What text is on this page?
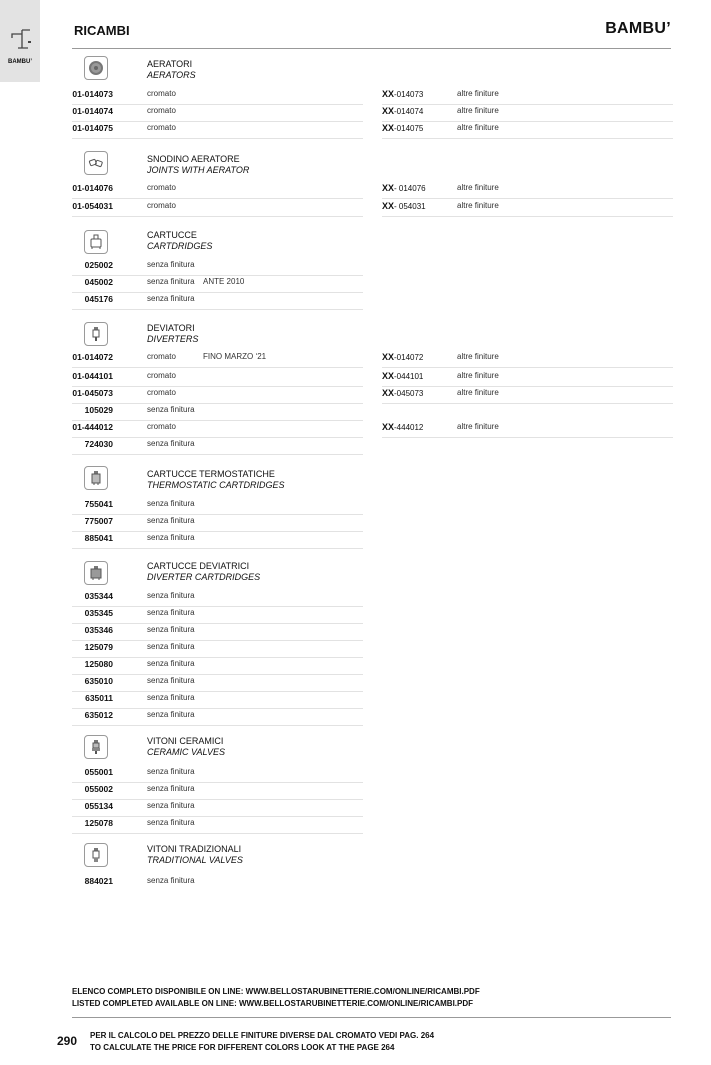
BAMBU’
RICAMBI	BAMBU’
AERATORI
AERATORS
01-014073	cromato
01-014074	cromato
01-014075	cromato
XX-014073	altre finiture
XX-014074	altre finiture
XX-014075	altre finiture
SNODINO AERATORE
JOINTS WITH AERATOR
01-014076	cromato
01-054031	cromato
XX- 014076	altre finiture
XX- 054031	altre finiture
CARTUCCE
CARTDRIDGES
025002	senza finitura
045002	senza finitura ANTE 2010
045176	senza finitura
DEVIATORI
DIVERTERS
01-014072	cromato	FINO MARZO ‘21
01-044101	cromato
01-045073	cromato
105029	senza finitura
01-444012	cromato
724030	senza finitura
XX-014072	altre finiture
XX-044101	altre finiture
XX-045073	altre finiture
XX-444012	altre finiture
CARTUCCE TERMOSTATICHE
THERMOSTATIC CARTDRIDGES
755041	senza finitura
775007	senza finitura
885041	senza finitura
CARTUCCE DEVIATRICI
DIVERTER CARTDRIDGES
035344	senza finitura
035345	senza finitura
035346	senza finitura
125079	senza finitura
125080	senza finitura
635010	senza finitura
635011	senza finitura
635012	senza finitura
VITONI CERAMICI
CERAMIC VALVES
055001	senza finitura
055002	senza finitura
055134	senza finitura
125078	senza finitura
VITONI TRADIZIONALI
TRADITIONAL VALVES
884021	senza finitura
ELENCO COMPLETO DISPONIBILE ON LINE: WWW.BELLOSTARUBINETTERIE.COM/ONLINE/RICAMBI.PDF
LISTED COMPLETED AVAILABLE ON LINE: WWW.BELLOSTARUBINETTERIE.COM/ONLINE/RICAMBI.PDF
290 PER IL CALCOLO DEL PREZZO DELLE FINITURE DIVERSE DAL CROMATO VEDI PAG. 264
TO CALCULATE THE PRICE FOR DIFFERENT COLORS LOOK AT THE PAGE 264
